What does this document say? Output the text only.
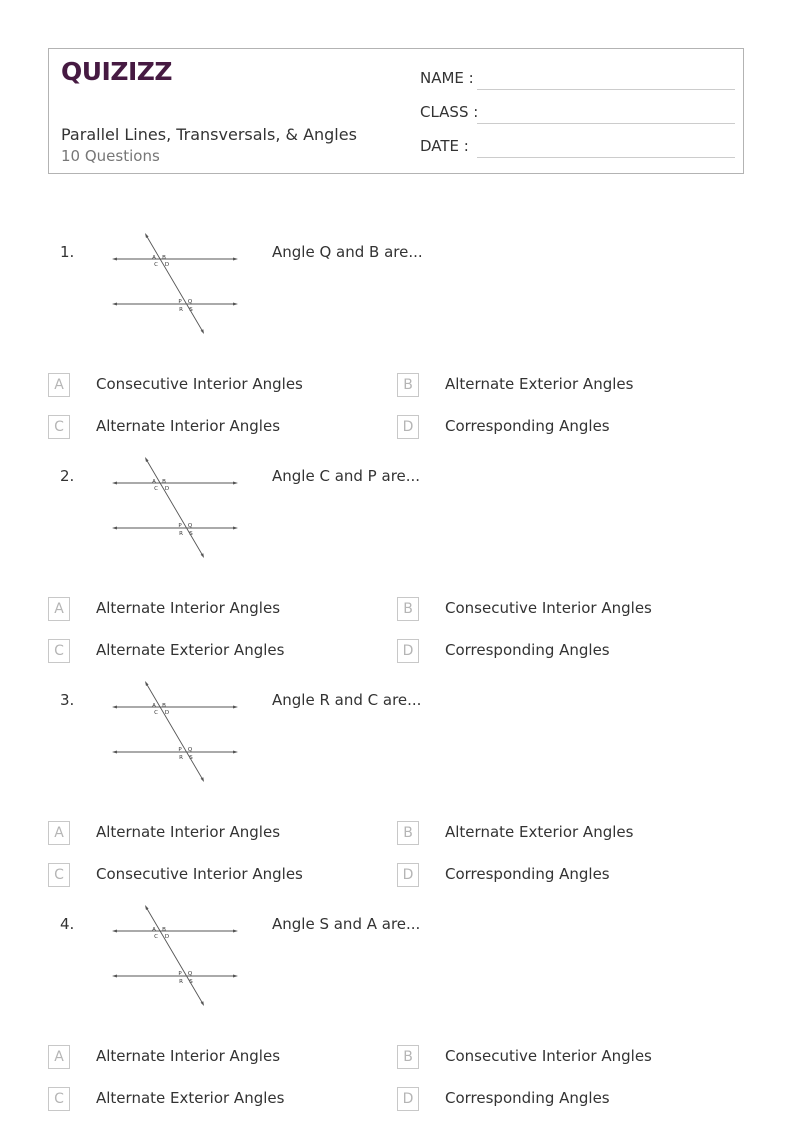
QUIZIZZ
Parallel Lines, Transversals, & Angles
10 Questions
NAME :
CLASS :
DATE :
1.	A B
C D
P Q
R S
Angle Q and B are...
A	Consecutive Interior Angles	B	Alternate Exterior Angles
C	Alternate Interior Angles	D	Corresponding Angles
2.	A B
C D
P Q
R S
Angle C and P are...
A	Alternate Interior Angles	B	Consecutive Interior Angles
C	Alternate Exterior Angles	D	Corresponding Angles
3.	A B
C D
P Q
R S
Angle R and C are...
A	Alternate Interior Angles	B	Alternate Exterior Angles
C	Consecutive Interior Angles	D	Corresponding Angles
4.	A B
C D
P Q
R S
Angle S and A are...
A	Alternate Interior Angles	B	Consecutive Interior Angles
C	Alternate Exterior Angles	D	Corresponding Angles
